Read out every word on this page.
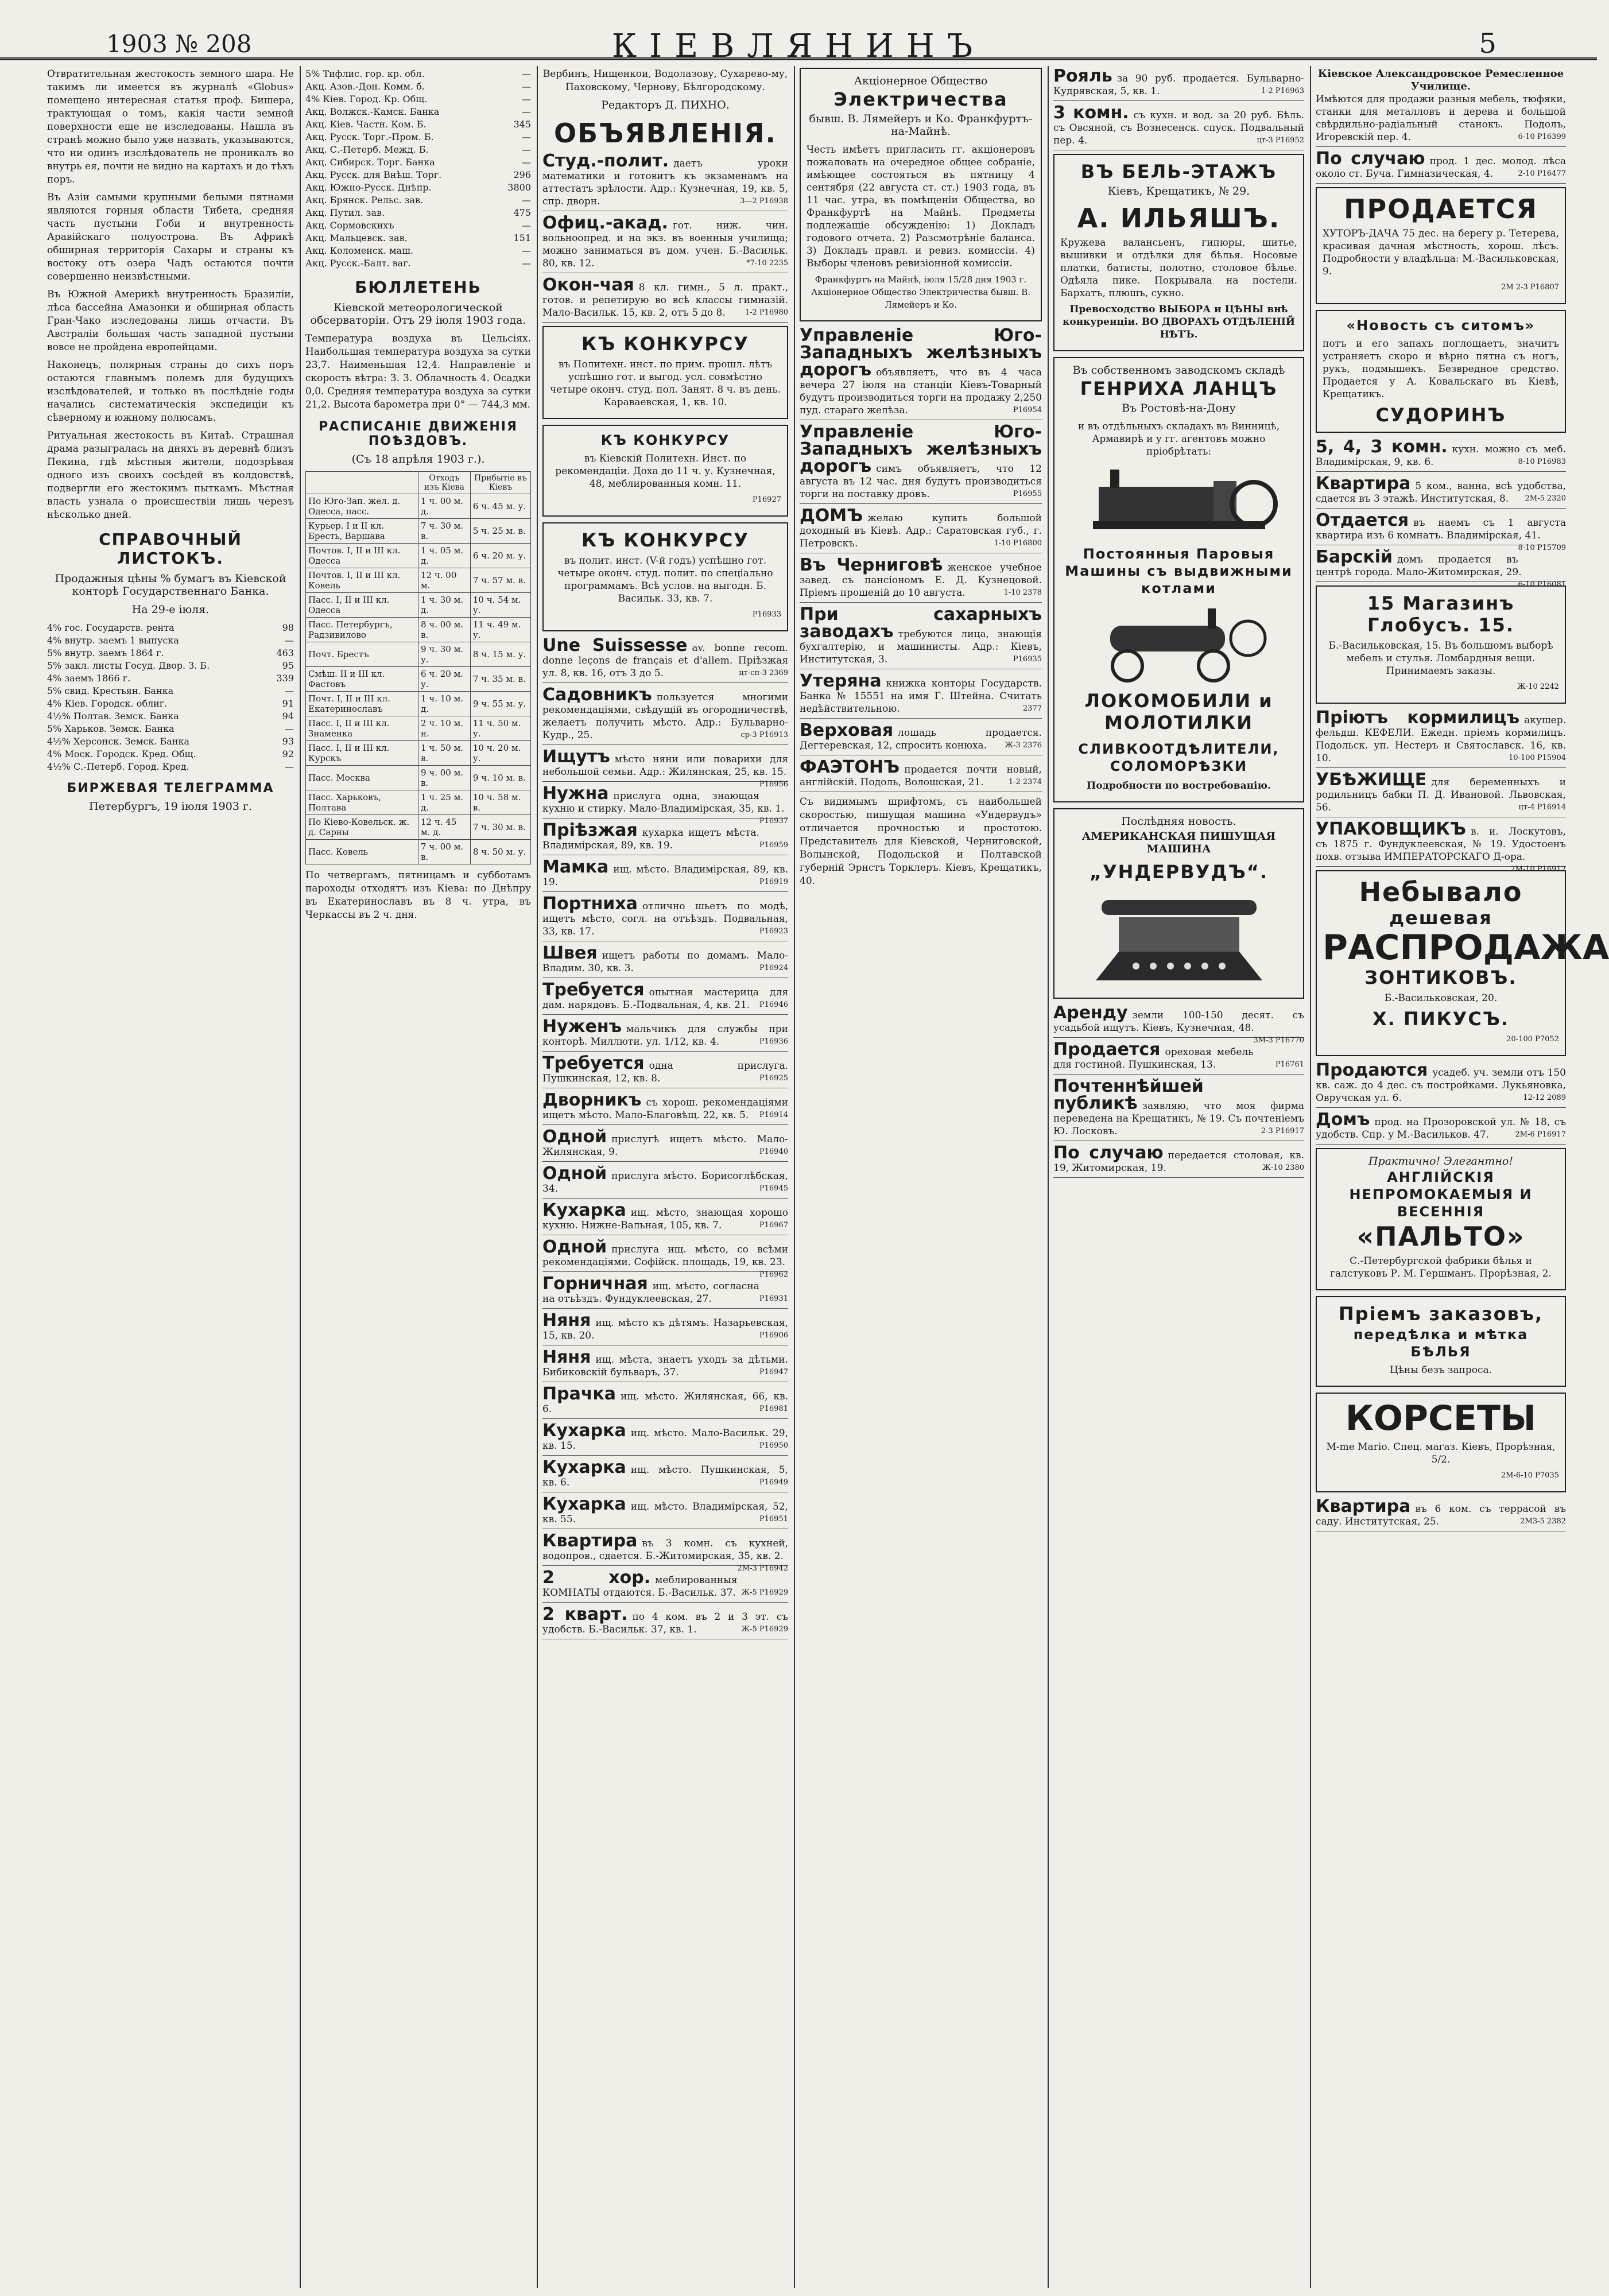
1903 № 208	КІЕВЛЯНИНЪ	5

Отвратительная жестокость земного шара. Не такимъ ли имеется въ журналѣ «Globus» помещено интересная статья проф. Бишера, трактующая о томъ, какія части земной поверхности еще не изследованы. Нашла въ странѣ можно было уже назвать, указываются, что ни одинъ изслѣдователь не проникалъ во внутрь ея, почти не видно на картахъ и до тѣхъ поръ.

Въ Азіи самыми крупными белыми пятнами являются горныя области Тибета, средняя часть пустыни Гоби и внутренность Аравійскаго полуострова. Въ Африкѣ обширная территорія Сахары и страны къ востоку отъ озера Чадъ остаются почти совершенно неизвѣстными.

Въ Южной Америкѣ внутренность Бразиліи, лѣса бассейна Амазонки и обширная область Гран-Чако изследованы лишь отчасти. Въ Австраліи большая часть западной пустыни вовсе не пройдена европейцами.

Наконецъ, полярныя страны до сихъ поръ остаются главнымъ полемъ для будущихъ изслѣдователей, и только въ послѣдніе годы начались систематическія экспедиціи къ сѣверному и южному полюсамъ.

Ритуальная жестокость въ Китаѣ. Страшная драма разыгралась на дняхъ въ деревнѣ близъ Пекина, гдѣ мѣстныя жители, подозрѣвая одного изъ своихъ сосѣдей въ колдовствѣ, подвергли его жестокимъ пыткамъ. Мѣстная власть узнала о происшествіи лишь черезъ нѣсколько дней.

СПРАВОЧНЫЙ ЛИСТОКЪ.
Продажныя цѣны % бумагъ въ Кіевской конторѣ Государственнаго Банка.
На 29-е іюля.
4% гос. Государств. рента	98
4% внутр. заемъ 1 выпуска	—
5% внутр. заемъ 1864 г.	463
5% закл. листы Госуд. Двор. З. Б.	95
4% заемъ 1866 г.	339
5% свид. Крестьян. Банка	—
4% Кіев. Городск. облиг.	91
4½% Полтав. Земск. Банка	94
5% Харьков. Земск. Банка	—
4½% Херсонск. Земск. Банка	93
4% Моск. Городск. Кред. Общ.	92
4½% С.-Петерб. Город. Кред.	—
БИРЖЕВАЯ ТЕЛЕГРАММА
Петербургъ, 19 іюля 1903 г.
5% Тифлис. гор. кр. обл.	—
Акц. Азов.-Дон. Комм. б.	—
4% Кіев. Город. Кр. Общ.	—
Акц. Волжск.-Камск. Банка	—
Акц. Кіев. Частн. Ком. Б.	345
Акц. Русск. Торг.-Пром. Б.	—
Акц. С.-Петерб. Межд. Б.	—
Акц. Сибирск. Торг. Банка	—
Акц. Русск. для Внѣш. Торг.	296
Акц. Южно-Русск. Днѣпр.	3800
Акц. Брянск. Рельс. зав.	—
Акц. Путил. зав.	475
Акц. Сормовскихъ	—
Акц. Мальцевск. зав.	151
Акц. Коломенск. маш.	—
Акц. Русск.-Балт. ваг.	—
БЮЛЛЕТЕНЬ
Кіевской метеорологической обсерваторіи. Отъ 29 іюля 1903 года.

Температура воздуха въ Цельсіях. Наибольшая температура воздуха за сутки 23,7. Наименьшая 12,4. Направленіе и скорость вѣтра: З. 3. Облачность 4. Осадки 0,0. Средняя температура воздуха за сутки 21,2. Высота барометра при 0° — 744,3 мм.

РАСПИСАНІЕ ДВИЖЕНІЯ ПОѢЗДОВЪ.
(Съ 18 апрѣля 1903 г.).
	Отходъ изъ Кіева	Прибытіе въ Кіевъ
По Юго-Зап. жел. д. Одесса, пасс.	1 ч. 00 м. д.	6 ч. 45 м. у.
Курьер. I и II кл. Бресть, Варшава	7 ч. 30 м. в.	5 ч. 25 м. в.
Почтов. I, II и III кл. Одесса	1 ч. 05 м. д.	6 ч. 20 м. у.
Почтов. I, II и III кл. Ковель	12 ч. 00 м.	7 ч. 57 м. в.
Пасс. I, II и III кл. Одесса	1 ч. 30 м. д.	10 ч. 54 м. у.
Пасс. Петербургъ, Радзивилово	8 ч. 00 м. в.	11 ч. 49 м. у.
Почт. Брестъ	9 ч. 30 м. у.	8 ч. 15 м. у.
Смѣш. II и III кл. Фастовъ	6 ч. 20 м. у.	7 ч. 35 м. в.
Почт. I, II и III кл. Екатеринославъ	1 ч. 10 м. д.	9 ч. 55 м. у.
Пасс. I, II и III кл. Знаменка	2 ч. 10 м. н.	11 ч. 50 м. у.
Пасс. I, II и III кл. Курскъ	1 ч. 50 м. в.	10 ч. 20 м. у.
Пасс. Москва	9 ч. 00 м. в.	9 ч. 10 м. в.
Пасс. Харьковъ, Полтава	1 ч. 25 м. д.	10 ч. 58 м. в.
По Кіево-Ковельск. ж. д. Сарны	12 ч. 45 м. д.	7 ч. 30 м. в.
Пасс. Ковель	7 ч. 00 м. в.	8 ч. 50 м. у.

По четвергамъ, пятницамъ и субботамъ пароходы отходятъ изъ Кіева: по Днѣпру въ Екатеринославъ въ 8 ч. утра, въ Черкассы въ 2 ч. дня.

Вербинъ, Нищенкои, Водолазову, Сухарево-му, Паховскому, Чернову, Бѣлгородскому.

Редакторъ Д. ПИХНО.
ОБЪЯВЛЕНІЯ.
Студ.-полит. даетъ уроки математики и готовитъ къ экзаменамъ на аттестатъ зрѣлости. Адр.: Кузнечная, 19, кв. 5, спр. дворн.	3—2 P16938
Офиц.-акад. гот. ниж. чин. вольноопред. и на экз. въ военныя училища; можно заниматься въ дом. учен. Б.-Васильк. 80, кв. 12.	*7-10 2235
Окон-чая 8 кл. гимн., 5 л. практ., готов. и репетирую во всѣ классы гимназій. Мало-Васильк. 15, кв. 2, отъ 5 до 8.	1-2 P16980
КЪ КОНКУРСУ

въ Политехн. инст. по прим. прошл. лѣтъ успѣшно гот. и выгод. усл. совмѣстно четыре оконч. студ. пол. Занят. 8 ч. въ день. Караваевская, 1, кв. 10.

КЪ КОНКУРСУ

въ Кіевскій Политехн. Инст. по рекомендаціи. Доха до 11 ч. у. Кузнечная, 48, меблированныя комн. 11.

P16927

КЪ КОНКУРСУ

въ полит. инст. (V-й годъ) успѣшно гот. четыре оконч. студ. полит. по спеціально программамъ. Всѣ услов. на выгодн. Б. Васильк. 33, кв. 7.

P16933

Une Suissesse av. bonne recom. donne leçons de français et d'allem. Пріѣзжая ул. 8, кв. 16, отъ 3 до 5.	цт-сп-3 2369
Садовникъ пользуется многими рекомендаціями, свѣдущій въ огородничествѣ, желаетъ получить мѣсто. Адр.: Бульварно-Кудр., 25.	ср-3 P16913
Ищутъ мѣсто няни или поварихи для небольшой семьи. Адр.: Жилянская, 25, кв. 15.
P16956
Нужна прислуга одна, знающая кухню и стирку. Мало-Владимірская, 35, кв. 1.
P16937
Пріѣзжая кухарка ищетъ мѣста. Владимірская, 89, кв. 19.	P16959
Мамка ищ. мѣсто. Владимірская, 89, кв. 19.	P16919
Портниха отлично шьетъ по модѣ, ищетъ мѣсто, согл. на отъѣздъ. Подвальная, 33, кв. 17.	P16923
Швея ищетъ работы по домамъ. Мало-Владим. 30, кв. 3.	P16924
Требуется опытная мастерица для дам. нарядовъ. Б.-Подвальная, 4, кв. 21. P16946
Нуженъ мальчикъ для службы при конторѣ. Миллюти. ул. 1/12, кв. 4.	P16936
Требуется одна прислуга. Пушкинская, 12, кв. 8.	P16925
Дворникъ съ хорош. рекомендаціями ищетъ мѣсто. Мало-Благовѣщ. 22, кв. 5. P16914
Одной прислугѣ ищетъ мѣсто. Мало-Жилянская, 9.	P16940
Одной прислуга мѣсто. Борисоглѣбская, 34.	P16945
Кухарка ищ. мѣсто, знающая хорошо кухню. Нижне-Вальная, 105, кв. 7.	P16967
Одной прислуга ищ. мѣсто, со всѣми рекомендаціями. Софійск. площадь, 19, кв. 23.
P16962
Горничная ищ. мѣсто, согласна на отъѣздъ. Фундуклеевская, 27.	P16931
Няня ищ. мѣсто къ дѣтямъ. Назарьевская, 15, кв. 20.	P16906
Няня ищ. мѣста, знаетъ уходъ за дѣтьми. Бибиковскій бульваръ, 37.	P16947
Прачка ищ. мѣсто. Жилянская, 66, кв. 6.	P16981
Кухарка ищ. мѣсто. Мало-Васильк. 29, кв. 15.	P16950
Кухарка ищ. мѣсто. Пушкинская, 5, кв. 6.	P16949
Кухарка ищ. мѣсто. Владимірская, 52, кв. 55.	P16951
Квартира въ 3 комн. съ кухней, водопров., сдается. Б.-Житомирская, 35, кв. 2.
2М-3 P16942
2 хор. меблированныя КОМНАТЫ отдаются. Б.-Васильк. 37. Ж-5 P16929
2 кварт. по 4 ком. въ 2 и 3 эт. съ удобств. Б.-Васильк. 37, кв. 1.	Ж-5 P16929
Акціонерное Общество
Электричества
бывш. В. Лямейеръ и Ко. Франкфуртъ-на-Майнѣ.

Честь имѣетъ пригласить гг. акціонеровъ пожаловать на очередное общее собраніе, имѣющее состояться въ пятницу 4 сентября (22 августа ст. ст.) 1903 года, въ 11 час. утра, въ помѣщеніи Общества, во Франкфуртѣ на Майнѣ. Предметы подлежащіе обсужденію: 1) Докладъ годового отчета. 2) Разсмотрѣніе баланса. 3) Докладъ правл. и ревиз. комиссіи. 4) Выборы членовъ ревизіонной комиссіи.

Франкфуртъ на Майнѣ, іюля 15/28 дня 1903 г. Акціонерное Общество Электричества бывш. В. Лямейеръ и Ко.

Управленіе Юго-Западныхъ желѣзныхъ дорогъ объявляетъ, что въ 4 часа вечера 27 іюля на станціи Кіевъ-Товарный будутъ производиться торги на продажу 2,250 пуд. стараго желѣза.	P16954
Управленіе Юго-Западныхъ желѣзныхъ дорогъ симъ объявляетъ, что 12 августа въ 12 час. дня будутъ производиться торги на поставку дровъ.	P16955
ДОМЪ желаю купить большой доходный въ Кіевѣ. Адр.: Саратовская губ., г. Петровскъ.	1-10 P16800
Въ Черниговѣ женское учебное завед. съ пансіономъ Е. Д. Кузнецовой. Пріемъ прошеній до 10 августа.	1-10 2378
При сахарныхъ заводахъ требуются лица, знающія бухгалтерію, и машинисты. Адр.: Кіевъ, Институтская, 3.	P16935
Утеряна книжка конторы Государств. Банка № 15551 на имя Г. Штейна. Считать недѣйствительною.	2377
Верховая лошадь продается. Дегтеревская, 12, спросить конюха. Ж-3 2376
ФАЭТОНЪ продается почти новый, англійскій. Подоль, Волошская, 21.	1-2 2374

Съ видимымъ шрифтомъ, съ наибольшей скоростью, пишущая машина «Ундервудъ» отличается прочностью и простотою. Представитель для Кіевской, Черниговской, Волынской, Подольской и Полтавской губерній Эрнстъ Торклеръ. Кіевъ, Крещатикъ, 40.

Рояль за 90 руб. продается. Бульварно-Кудрявская, 5, кв. 1.	1-2 P16963
3 комн. съ кухн. и вод. за 20 руб. Бѣль. съ Овсяной, съ Вознесенск. спуск. Подвальный пер. 4.	цт-3 P16952
ВЪ БЕЛЬ-ЭТАЖЪ
Кіевъ, Крещатикъ, № 29.
А. ИЛЬЯШЪ.

Кружева валансьенъ, гипюры, шитье, вышивки и отдѣлки для бѣлья. Носовые платки, батисты, полотно, столовое бѣлье. Одѣяла пике. Покрывала на постели. Бархатъ, плюшъ, сукно.

Превосходство ВЫБОРА и ЦѢНЫ внѣ конкуренціи. ВО ДВОРАХЪ ОТДѢЛЕНІЙ НѢТЪ.

Въ собственномъ заводскомъ складѣ
ГЕНРИХА ЛАНЦЪ
Въ Ростовѣ-на-Дону

и въ отдѣльныхъ складахъ въ Винницѣ, Армавирѣ и у гг. агентовъ можно пріобрѣтать:

Постоянныя Паровыя Машины съ выдвижными котлами
ЛОКОМОБИЛИ и МОЛОТИЛКИ
СЛИВКООТДѢЛИТЕЛИ, СОЛОМОРѢЗКИ

Подробности по востребованію.

Послѣдняя новость.
АМЕРИКАНСКАЯ ПИШУЩАЯ МАШИНА
„УНДЕРВУДЪ“.
Аренду земли 100-150 десят. съ усадьбой ищутъ. Кіевъ, Кузнечная, 48.
3М-3 P16770
Продается ореховая мебель для гостиной. Пушкинская, 13.	P16761
Почтеннѣйшей публикѣ заявляю, что моя фирма переведена на Крещатикъ, № 19. Съ почтеніемъ Ю. Лосковъ.	2-3 P16917
По случаю передается столовая, кв. 19, Житомирская, 19.	Ж-10 2380
Кіевское Александровское Ремесленное Училище.
Имѣются для продажи разныя мебель, тюфяки, станки для металловъ и дерева и большой свѣрдильно-радіальный станокъ. Подолъ, Игоревскій пер. 4.	6-10 P16399
По случаю прод. 1 дес. молод. лѣса около ст. Буча. Гимназическая, 4.	2-10 P16477
ПРОДАЕТСЯ

ХУТОРЪ-ДАЧА 75 дес. на берегу р. Тетерева, красивая дачная мѣстность, хорош. лѣсъ. Подробности у владѣльца: М.-Васильковская, 9.

2М 2-3 P16807

«Новость съ ситомъ»

потъ и его запахъ поглощаетъ, значитъ устраняетъ скоро и вѣрно пятна съ ногъ, рукъ, подмышекъ. Безвредное средство. Продается у А. Ковальскаго въ Кіевѣ, Крещатикъ.

СУДОРИНЪ
5, 4, 3 комн. кухн. можно съ меб. Владимірская, 9, кв. 6.	8-10 P16983
Квартира 5 ком., ванна, всѣ удобства, сдается въ 3 этажѣ. Институтская, 8. 2М-5 2320
Отдается въ наемъ съ 1 августа квартира изъ 6 комнатъ. Владимірская, 41.
8-10 P15709
Барскій домъ продается въ центрѣ города. Мало-Житомирская, 29.
6-10 P16081
15 Магазинъ Глобусъ. 15.

Б.-Васильковская, 15. Въ большомъ выборѣ мебель и стулья. Ломбардныя вещи. Принимаемъ заказы.

Ж-10 2242

Пріютъ кормилицъ акушер. фельдш. КЕФЕЛИ. Ежедн. пріемъ кормилицъ. Подольск. уп. Нестеръ и Святославск. 16, кв. 10.	10-100 P15904
УБѢЖИЩЕ для беременныхъ и родильницъ бабки П. Д. Ивановой. Львовская, 56.	цт-4 P16914
УПАКОВЩИКЪ в. и. Лоскутовъ, съ 1875 г. Фундуклеевская, № 19. Удостоенъ похв. отзыва ИМПЕРАТОРСКАГО Д-ора.
2М-10 P16912
Небывало
дешевая
РАСПРОДАЖА
ЗОНТИКОВЪ.

Б.-Васильковская, 20.

Х. ПИКУСЪ.

20-100 P7052

Продаются усадеб. уч. земли отъ 150 кв. саж. до 4 дес. съ постройками. Лукьяновка, Овручская ул. 6.	12-12 2089
Домъ прод. на Прозоровской ул. № 18, съ удобств. Спр. у М.-Васильков. 47.	2М-6 P16917
Практично! Элегантно!
АНГЛІЙСКІЯ НЕПРОМОКАЕМЫЯ И ВЕСЕННІЯ
«ПАЛЬТО»

С.-Петербургской фабрики бѣлья и галстуковъ Р. М. Гершманъ. Прорѣзная, 2.

Пріемъ заказовъ,
передѣлка и мѣтка БѢЛЬЯ

Цѣны безъ запроса.

КОРСЕТЫ

М-me Mario. Спец. магаз. Кіевъ, Прорѣзная, 5/2.

2М-6-10 P7035

Квартира въ 6 ком. съ террасой въ саду. Институтская, 25.	2М3-5 2382
